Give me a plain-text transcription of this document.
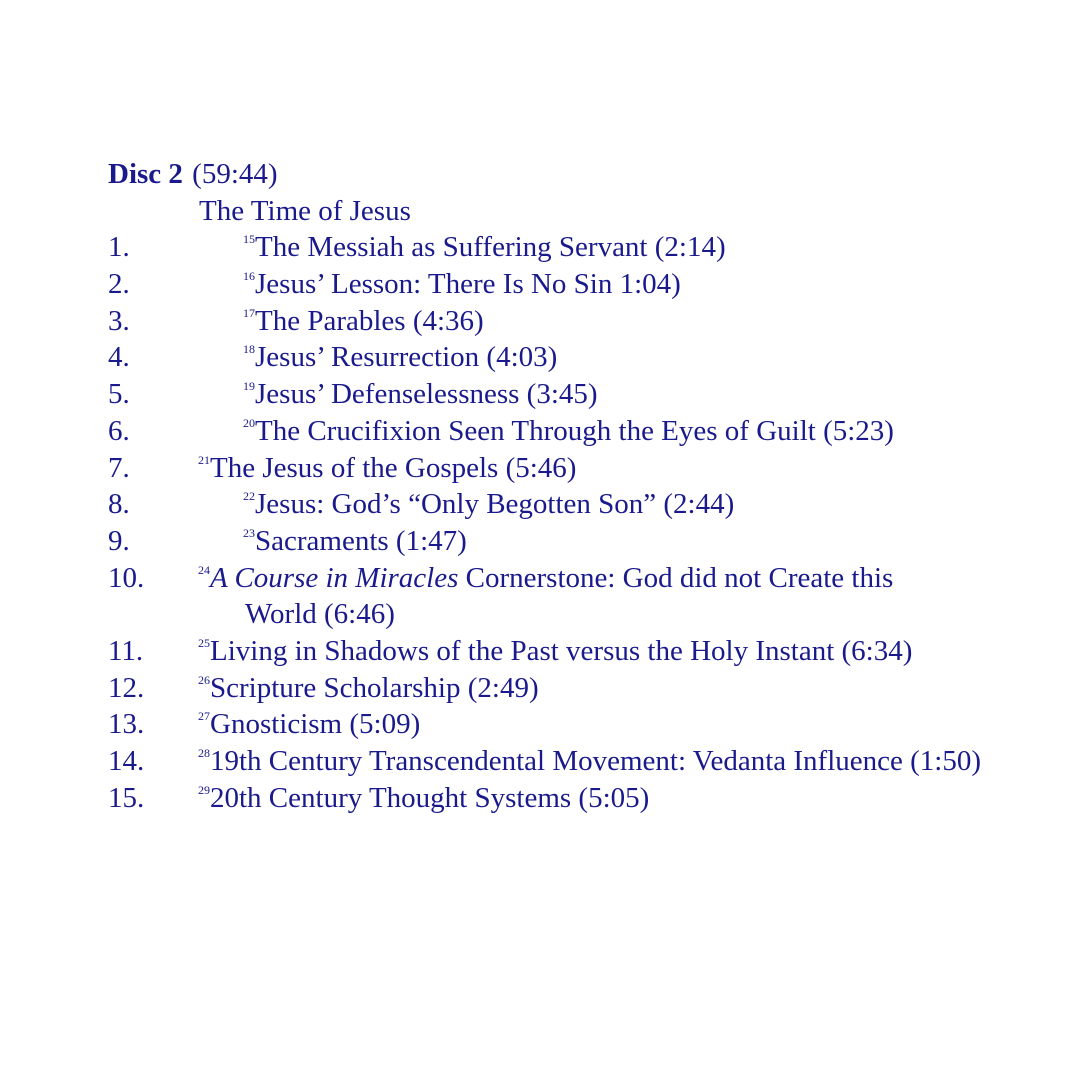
Disc 2 (59:44)
The Time of Jesus
1.	$^{15}$The Messiah as Suffering Servant (2:14)
2.	$^{16}$Jesus’ Lesson: There Is No Sin 1:04)
3.	$^{17}$The Parables (4:36)
4.	$^{18}$Jesus’ Resurrection (4:03)
5.	$^{19}$Jesus’ Defenselessness (3:45)
6.	$^{20}$The Crucifixion Seen Through the Eyes of Guilt (5:23)
7.	$^{21}$The Jesus of the Gospels (5:46)
8.	$^{22}$Jesus: God’s “Only Begotten Son” (2:44)
9.	$^{23}$Sacraments (1:47)
10.	$^{24}$A Course in Miracles Cornerstone: God did not Create this
World (6:46)
11.	$^{25}$Living in Shadows of the Past versus the Holy Instant (6:34)
12.	$^{26}$Scripture Scholarship (2:49)
13.	$^{27}$Gnosticism (5:09)
14.	$^{28}$19th Century Transcendental Movement: Vedanta Influence (1:50)
15.	$^{29}$20th Century Thought Systems (5:05)
